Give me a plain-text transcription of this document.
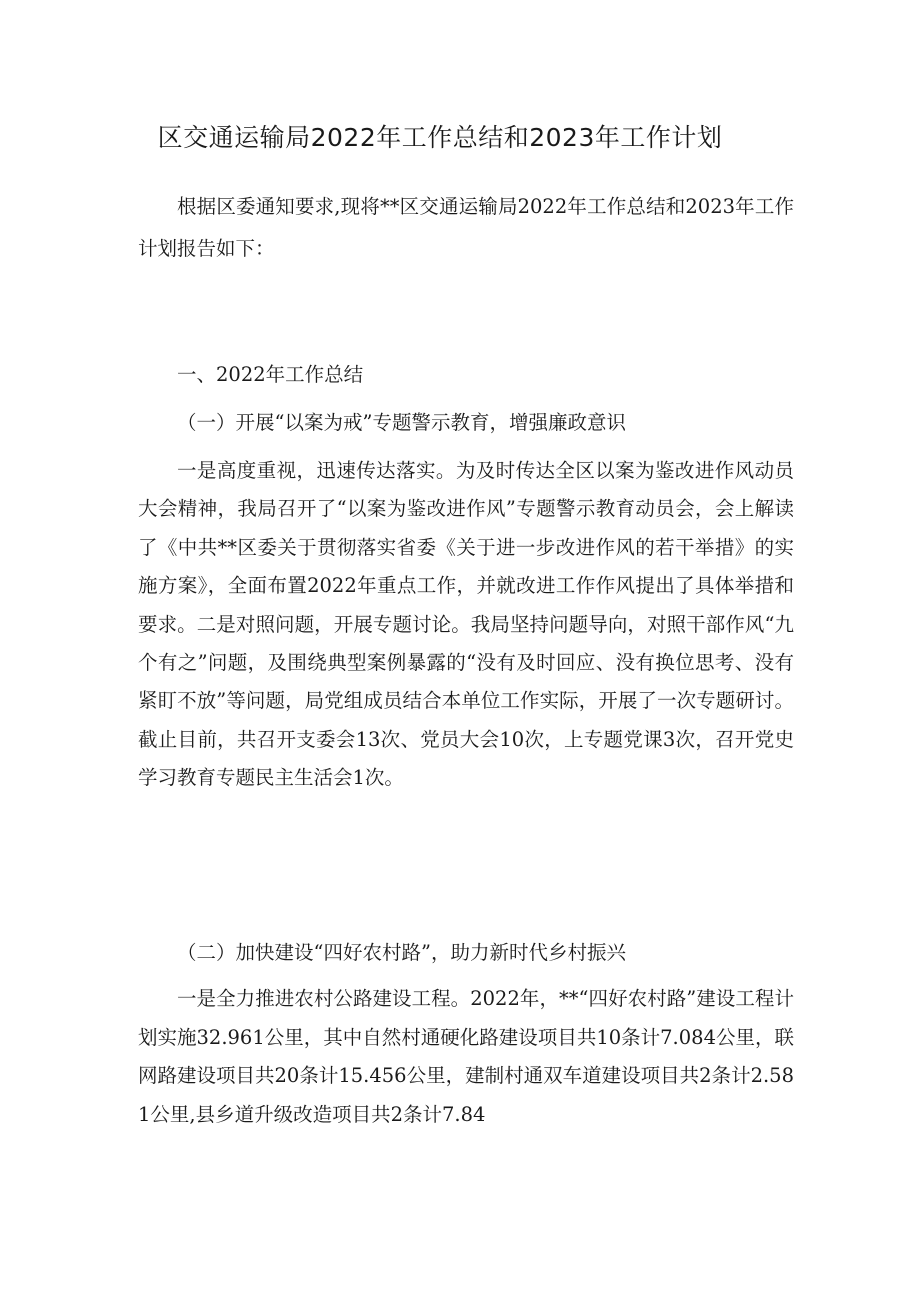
区交通运输局2022年工作总结和2023年工作计划

根据区委通知要求,现将**区交通运输局2022年工作总结和2023年工作计划报告如下：

一、2022年工作总结

（一）开展“以案为戒”专题警示教育，增强廉政意识

一是高度重视，迅速传达落实。为及时传达全区以案为鉴改进作风动员大会精神，我局召开了“以案为鉴改进作风”专题警示教育动员会，会上解读了《中共**区委关于贯彻落实省委《关于进一步改进作风的若干举措》的实施方案》，全面布置2022年重点工作，并就改进工作作风提出了具体举措和要求。二是对照问题，开展专题讨论。我局坚持问题导向，对照干部作风“九个有之”问题，及围绕典型案例暴露的“没有及时回应、没有换位思考、没有紧盯不放”等问题，局党组成员结合本单位工作实际，开展了一次专题研讨。截止目前，共召开支委会13次、党员大会10次，上专题党课3次，召开党史学习教育专题民主生活会1次。

（二）加快建设“四好农村路”，助力新时代乡村振兴

一是全力推进农村公路建设工程。2022年，**“四好农村路”建设工程计划实施32.961公里，其中自然村通硬化路建设项目共10条计7.084公里，联网路建设项目共20条计15.456公里，建制村通双车道建设项目共2条计2.581公里,县乡道升级改造项目共2条计7.84
